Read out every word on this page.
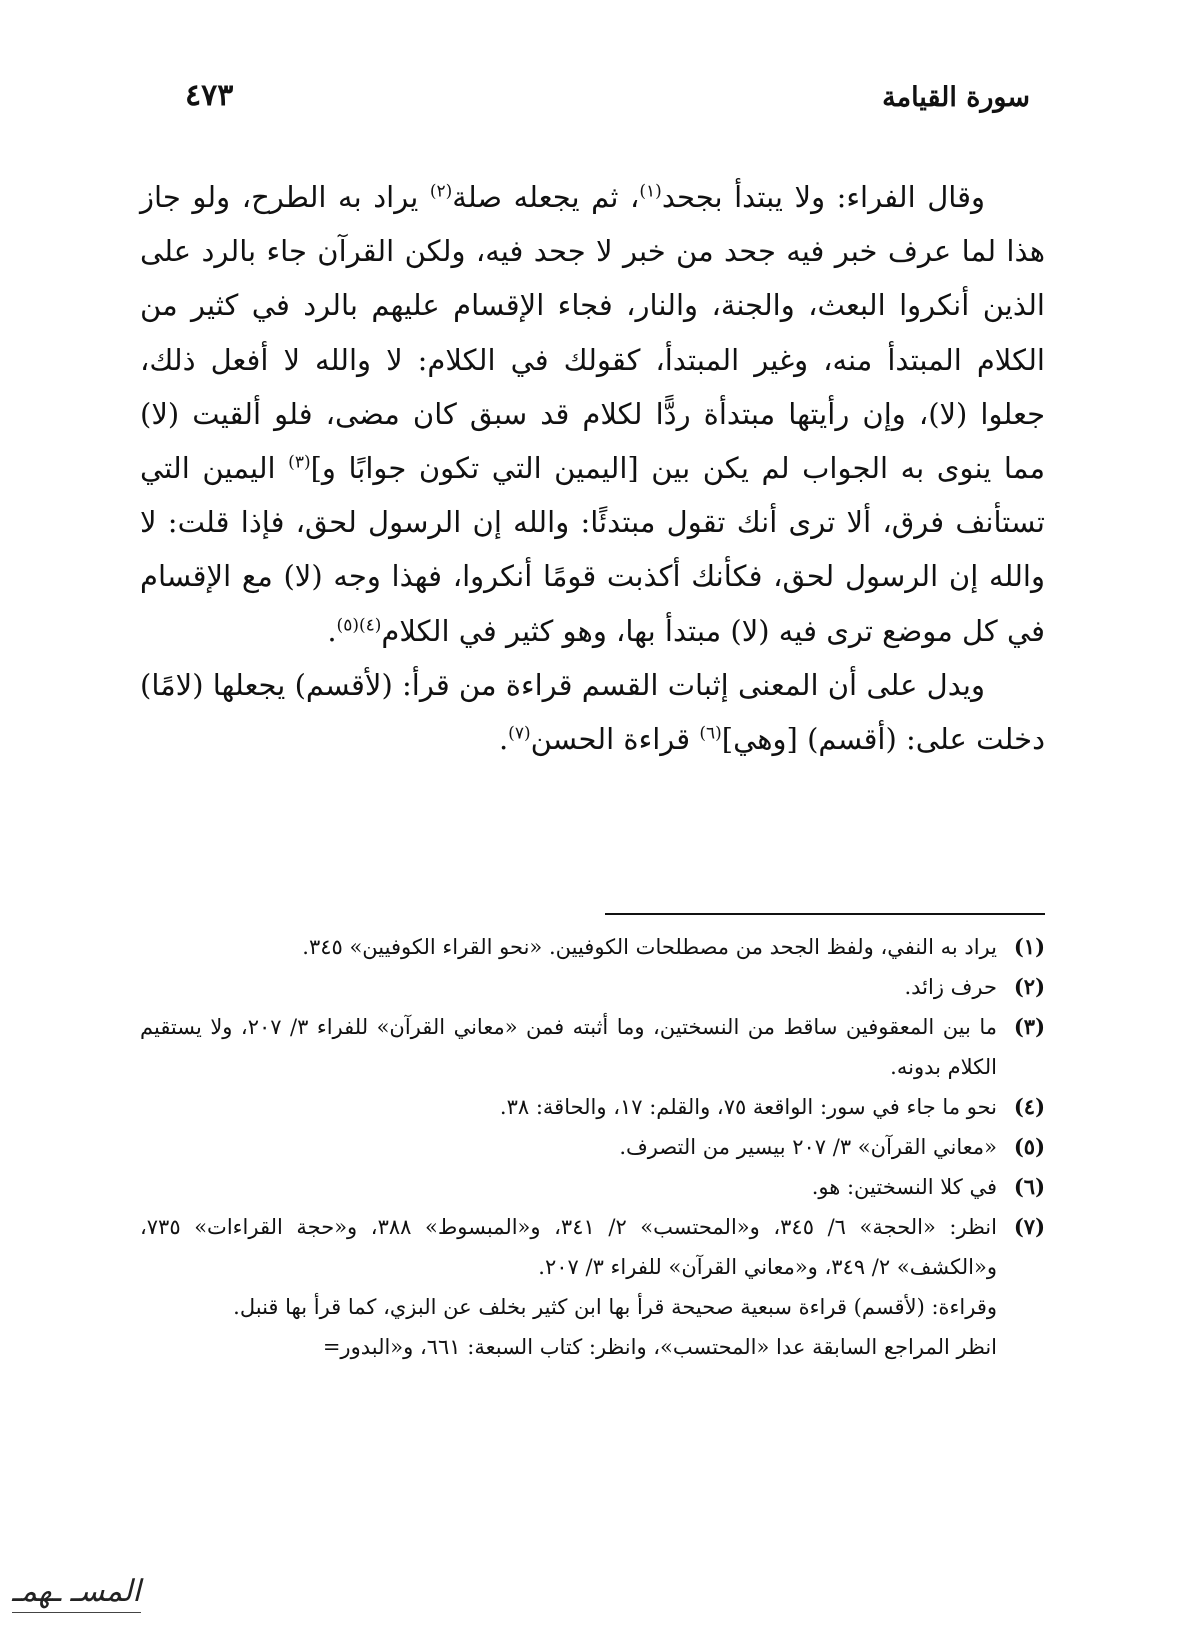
سورة القيامة
٤٧٣

وقال الفراء: ولا يبتدأ بجحد$^{(١)}$، ثم يجعله صلة$^{(٢)}$ يراد به الطرح، ولو جاز هذا لما عرف خبر فيه جحد من خبر لا جحد فيه، ولكن القرآن جاء بالرد على الذين أنكروا البعث، والجنة، والنار، فجاء الإقسام عليهم بالرد في كثير من الكلام المبتدأ منه، وغير المبتدأ، كقولك في الكلام: لا والله لا أفعل ذلك، جعلوا (لا)، وإن رأيتها مبتدأة ردًّا لكلام قد سبق كان مضى، فلو ألقيت (لا) مما ينوى به الجواب لم يكن بين [اليمين التي تكون جوابًا و]$^{(٣)}$ اليمين التي تستأنف فرق، ألا ترى أنك تقول مبتدئًا: والله إن الرسول لحق، فإذا قلت: لا والله إن الرسول لحق، فكأنك أكذبت قومًا أنكروا، فهذا وجه (لا) مع الإقسام في كل موضع ترى فيه (لا) مبتدأ بها، وهو كثير في الكلام$^{(٤)(٥)}$.

ويدل على أن المعنى إثبات القسم قراءة من قرأ: (لأقسم) يجعلها (لامًا) دخلت على: (أقسم) [وهي]$^{(٦)}$ قراءة الحسن$^{(٧)}$.

(١)
يراد به النفي، ولفظ الجحد من مصطلحات الكوفيين. «نحو القراء الكوفيين» ٣٤٥.
(٢)
حرف زائد.
(٣)
ما بين المعقوفين ساقط من النسختين، وما أثبته فمن «معاني القرآن» للفراء ٣/ ٢٠٧، ولا يستقيم الكلام بدونه.
(٤)
نحو ما جاء في سور: الواقعة ٧٥، والقلم: ١٧، والحاقة: ٣٨.
(٥)
«معاني القرآن» ٣/ ٢٠٧ بيسير من التصرف.
(٦)
في كلا النسختين: هو.
(٧)
انظر: «الحجة» ٦/ ٣٤٥، و«المحتسب» ٢/ ٣٤١، و«المبسوط» ٣٨٨، و«حجة القراءات» ٧٣٥، و«الكشف» ٢/ ٣٤٩، و«معاني القرآن» للفراء ٣/ ٢٠٧.
وقراءة: (لأقسم) قراءة سبعية صحيحة قرأ بها ابن كثير بخلف عن البزي، كما قرأ بها قنبل.
انظر المراجع السابقة عدا «المحتسب»، وانظر: كتاب السبعة: ٦٦١، و«البدور=
المسـ ـهمـ
